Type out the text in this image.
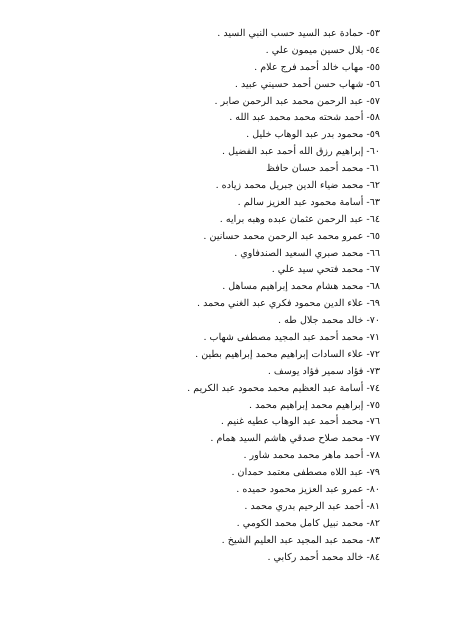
٥٣- حمادة عبد السيد حسب النبي السيد .
٥٤- بلال حسين ميمون علي .
٥٥- مهاب خالد أحمد فرج علام .
٥٦- شهاب حسن أحمد حسيني عبيد .
٥٧- عبد الرحمن محمد عبد الرحمن صابر .
٥٨- أحمد شحته محمد محمد عبد الله .
٥٩- محمود بدر عبد الوهاب خليل .
٦٠- إبراهيم رزق الله أحمد عبد الفضيل .
٦١- محمد أحمد حسان حافظ
٦٢- محمد ضياء الدين جبريل محمد زياده .
٦٣- أسامة محمود عبد العزيز سالم .
٦٤- عبد الرحمن عثمان عبده وهبه برايه .
٦٥- عمرو محمد عبد الرحمن محمد حسانين .
٦٦- محمد صبري السعيد الصندفاوي .
٦٧- محمد فتحي سيد علي .
٦٨- محمد هشام محمد إبراهيم مساهل .
٦٩- علاء الدين محمود فكري عبد الغني محمد .
٧٠- خالد محمد جلال طه .
٧١- محمد أحمد عبد المجيد مصطفى شهاب .
٧٢- علاء السادات إبراهيم محمد إبراهيم بطين .
٧٣- فؤاد سمير فؤاد يوسف .
٧٤- أسامة عبد العظيم محمد محمود عبد الكريم .
٧٥- إبراهيم محمد إبراهيم محمد .
٧٦- محمد أحمد عبد الوهاب عطيه غنيم .
٧٧- محمد صلاح صدقي هاشم السيد همام .
٧٨- أحمد ماهر محمد محمد شاور .
٧٩- عبد اللاه مصطفى معتمد حمدان .
٨٠- عمرو عبد العزيز محمود حميده .
٨١- أحمد عبد الرحيم بدري محمد .
٨٢- محمد نبيل كامل محمد الكومي .
٨٣- محمد عبد المجيد عبد العليم الشيخ .
٨٤- خالد محمد أحمد ركابي .
